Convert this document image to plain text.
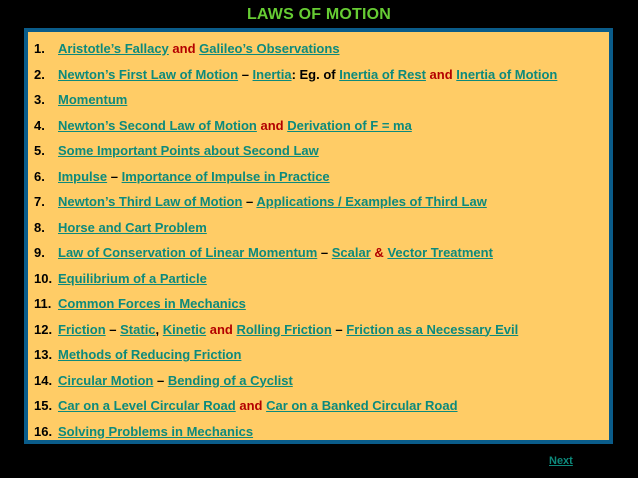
LAWS OF MOTION
1. Aristotle’s Fallacy and Galileo’s Observations
2. Newton’s First Law of Motion – Inertia: Eg. of Inertia of Rest and Inertia of Motion
3. Momentum
4. Newton’s Second Law of Motion and Derivation of F = ma
5. Some Important Points about Second Law
6. Impulse – Importance of Impulse in Practice
7. Newton’s Third Law of Motion – Applications / Examples of Third Law
8. Horse and Cart Problem
9. Law of Conservation of Linear Momentum – Scalar & Vector Treatment
10. Equilibrium of a Particle
11. Common Forces in Mechanics
12. Friction – Static, Kinetic and Rolling Friction – Friction as a Necessary Evil
13. Methods of Reducing Friction
14. Circular Motion – Bending of a Cyclist
15. Car on a Level Circular Road and Car on a Banked Circular Road
16. Solving Problems in Mechanics
Next
